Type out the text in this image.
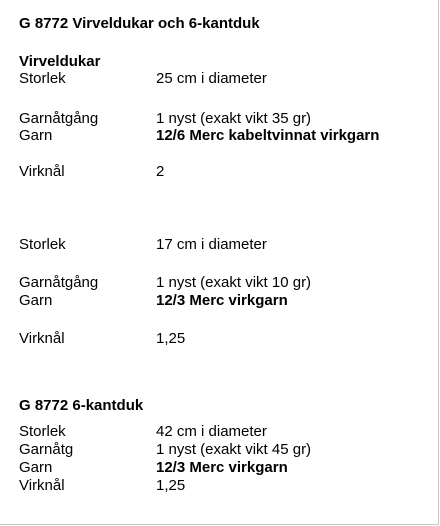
G 8772 Virveldukar och 6-kantduk
Virveldukar
Storlek	25 cm i diameter
Garnåtgång	1 nyst (exakt vikt 35 gr)
Garn	12/6 Merc kabeltvinnat virkgarn
Virknål	2
Storlek	17 cm i diameter
Garnåtgång	1 nyst (exakt vikt 10 gr)
Garn	12/3 Merc virkgarn
Virknål	1,25
G 8772 6-kantduk
Storlek	42 cm i diameter
Garnåtg	1 nyst (exakt vikt 45 gr)
Garn	12/3 Merc virkgarn
Virknål	1,25
